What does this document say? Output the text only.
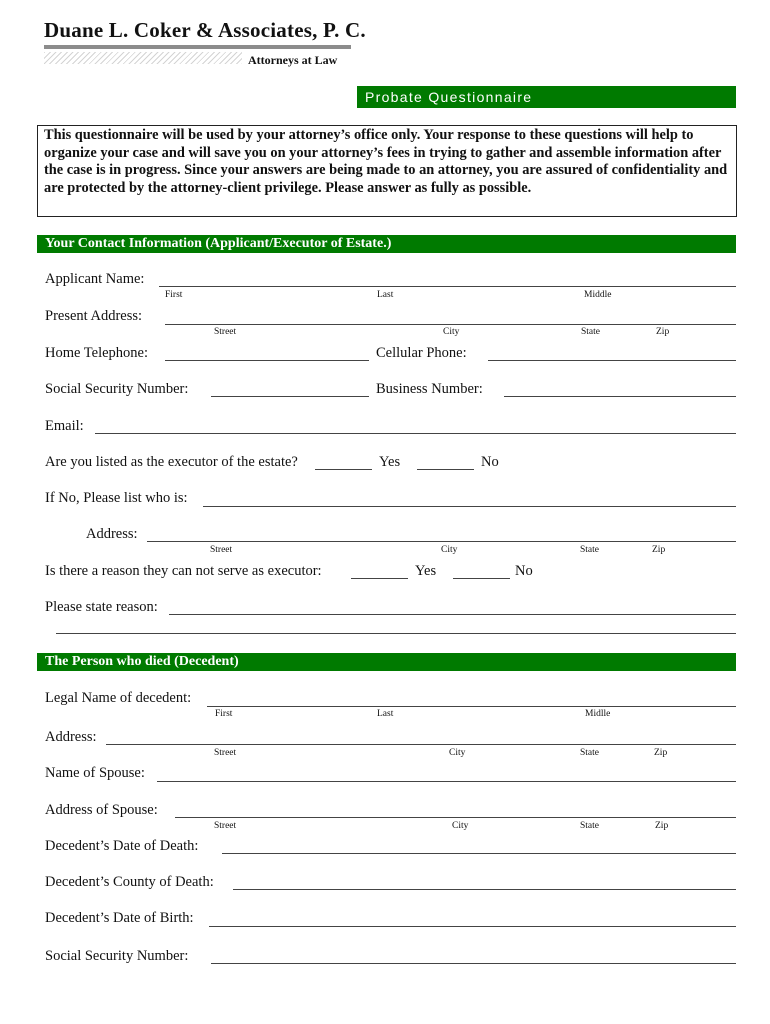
Duane L. Coker & Associates, P. C.
Attorneys at Law
Probate Questionnaire
This questionnaire will be used by your attorney’s office only. Your response to these questions will help to organize your case and will save you on your attorney’s fees in trying to gather and assemble information after the case is in progress. Since your answers are being made to an attorney, you are assured of confidentiality and are protected by the attorney-client privilege. Please answer as fully as possible.
Your Contact Information (Applicant/Executor of Estate.)
Applicant Name:
First	Last	Middle
Present Address:
Street	City	State	Zip
Home Telephone:	Cellular Phone:
Social Security Number:	Business Number:
Email:
Are you listed as the executor of the estate?	Yes	No
If No, Please list who is:
Address:
Street	City	State	Zip
Is there a reason they can not serve as executor:	Yes	No
Please state reason:
The Person who died (Decedent)
Legal Name of decedent:
First	Last	Midlle
Address:
Street	City	State	Zip
Name of Spouse:
Address of Spouse:
Street	City	State	Zip
Decedent’s Date of Death:
Decedent’s County of Death:
Decedent’s Date of Birth:
Social Security Number:
